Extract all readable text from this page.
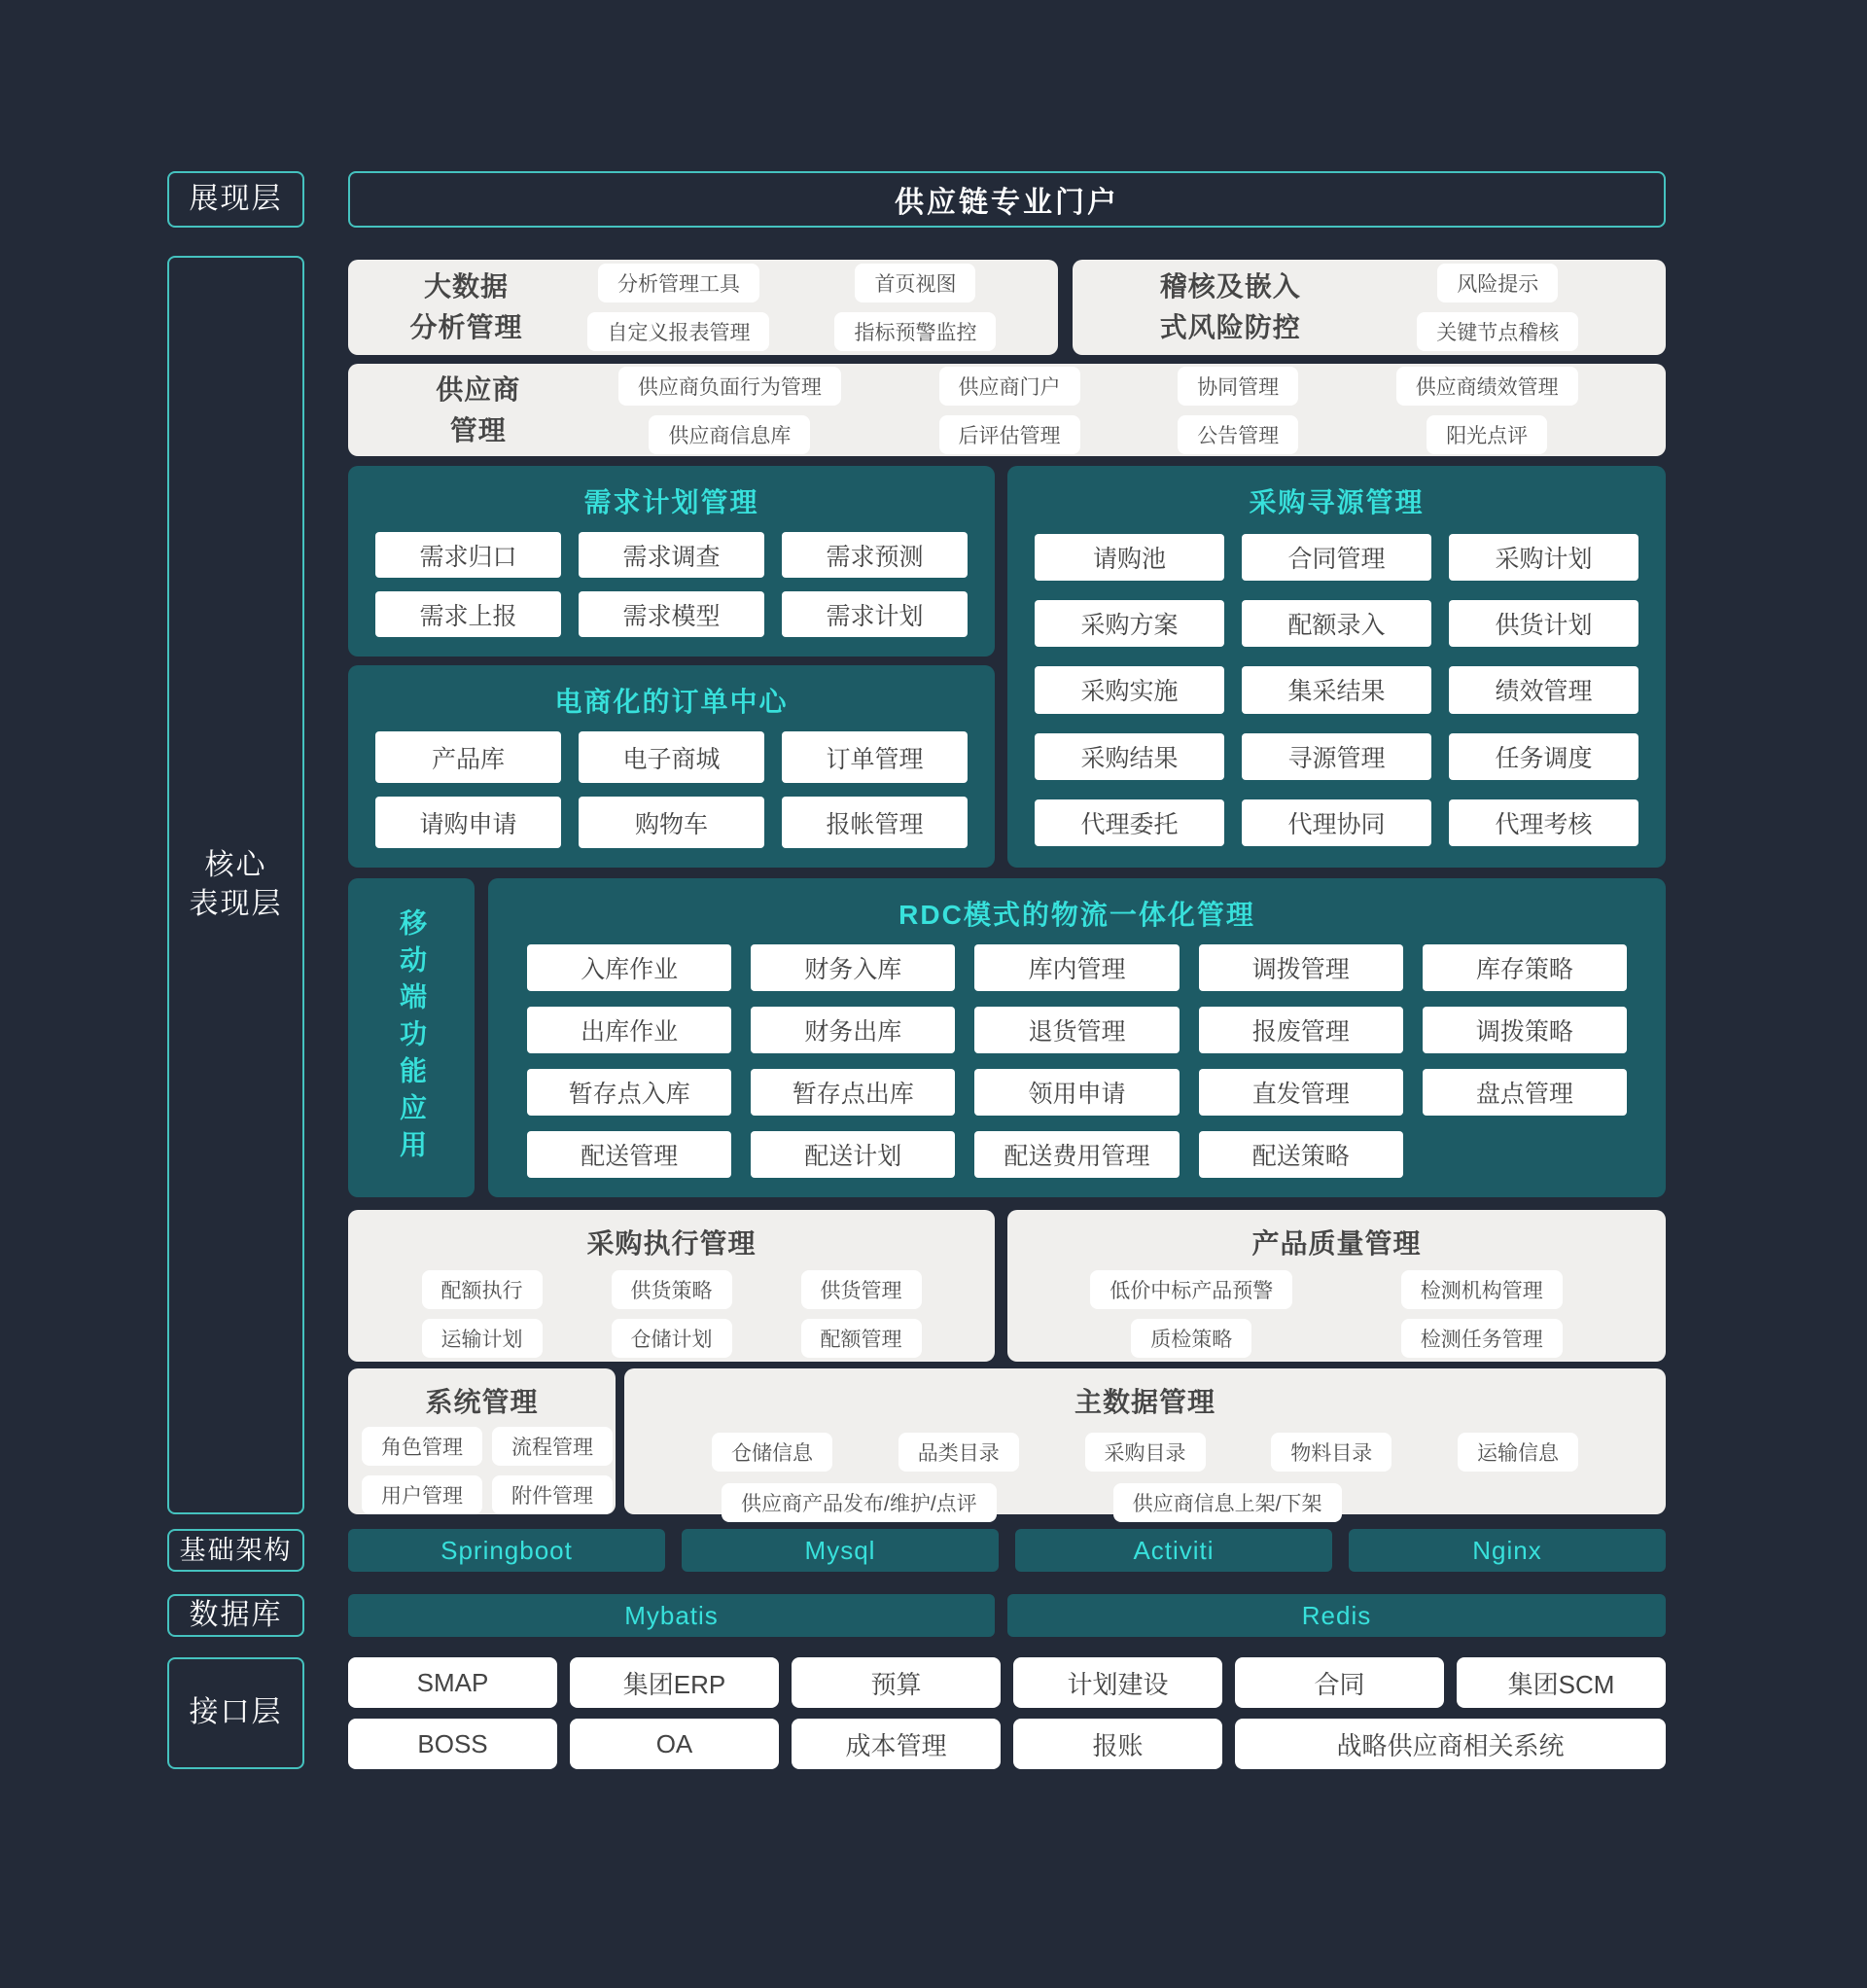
展现层
核心
表现层
基础架构
数据库
接口层
供应链专业门户
大数据
分析管理
分析管理工具
自定义报表管理
首页视图
指标预警监控
稽核及嵌入
式风险防控
风险提示
关键节点稽核
供应商
管理
供应商负面行为管理
供应商信息库
供应商门户
后评估管理
协同管理
公告管理
供应商绩效管理
阳光点评
需求计划管理
需求归口	需求调查	需求预测
需求上报	需求模型	需求计划
电商化的订单中心
产品库	电子商城	订单管理
请购申请	购物车	报帐管理
采购寻源管理
请购池	合同管理	采购计划
采购方案	配额录入	供货计划
采购实施	集采结果	绩效管理
采购结果	寻源管理	任务调度
代理委托	代理协同	代理考核
移动端功能应用	RDC模式的物流一体化管理
入库作业	财务入库	库内管理	调拨管理	库存策略
出库作业	财务出库	退货管理	报废管理	调拨策略
暂存点入库	暂存点出库	领用申请	直发管理	盘点管理
配送管理	配送计划	配送费用管理	配送策略
采购执行管理
配额执行	供货策略	供货管理
运输计划	仓储计划	配额管理
产品质量管理
低价中标产品预警	检测机构管理
质检策略	检测任务管理
系统管理
角色管理	流程管理
用户管理	附件管理
主数据管理
仓储信息	品类目录	采购目录	物料目录	运输信息
供应商产品发布/维护/点评	供应商信息上架/下架
Springboot	Mysql	Activiti	Nginx
Mybatis	Redis
SMAP	集团ERP	预算	计划建设	合同	集团SCM
BOSS	OA	成本管理	报账	战略供应商相关系统
